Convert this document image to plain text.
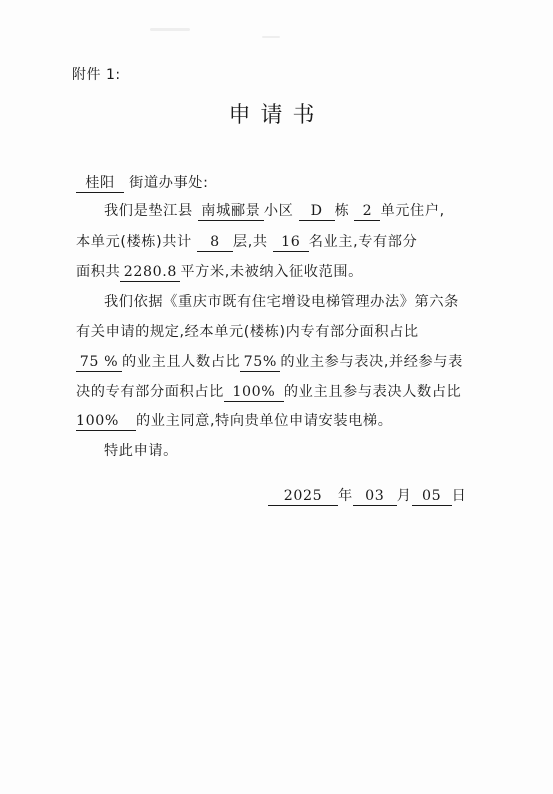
附件 1:
申请书
桂阳 街道办事处:
我们是垫江县 南城郦景 小区 D 栋 2 单元住户,
本单元(楼栋)共计 8 层,共 16 名业主,专有部分
面积共 2280.8 平方米,未被纳入征收范围。
我们依据《重庆市既有住宅增设电梯管理办法》第六条
有关申请的规定,经本单元(楼栋)内专有部分面积占比
75 % 的业主且人数占比 75% 的业主参与表决,并经参与表
决的专有部分面积占比 100% 的业主且参与表决人数占比
100% 的业主同意,特向贵单位申请安装电梯。
特此申请。
2025 年 03 月 05 日
